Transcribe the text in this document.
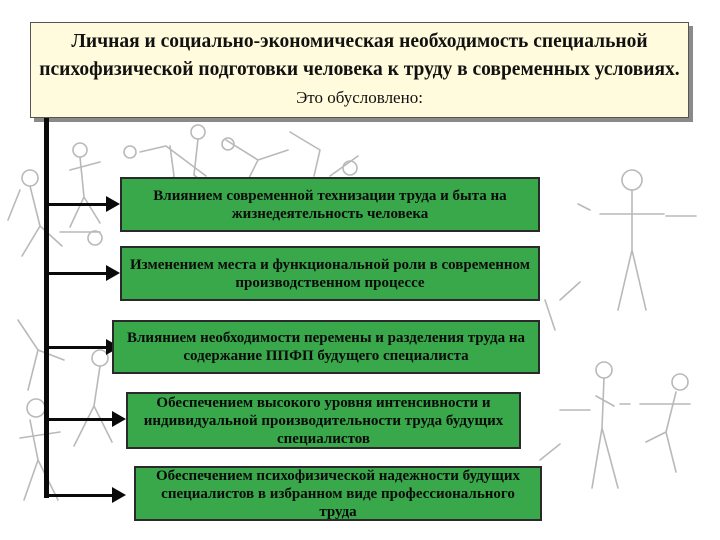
Личная и социально-экономическая необходимость специальной психофизической подготовки человека к труду в современных условиях. Это обусловлено:
Влиянием современной технизации труда и быта на жизнедеятельность человека
Изменением места и функциональной роли в современном производственном процессе
Влиянием необходимости перемены и разделения труда на содержание ППФП будущего специалиста
Обеспечением высокого уровня интенсивности и индивидуальной производительности труда будущих специалистов
Обеспечением психофизической надежности будущих специалистов в избранном виде профессионального труда
